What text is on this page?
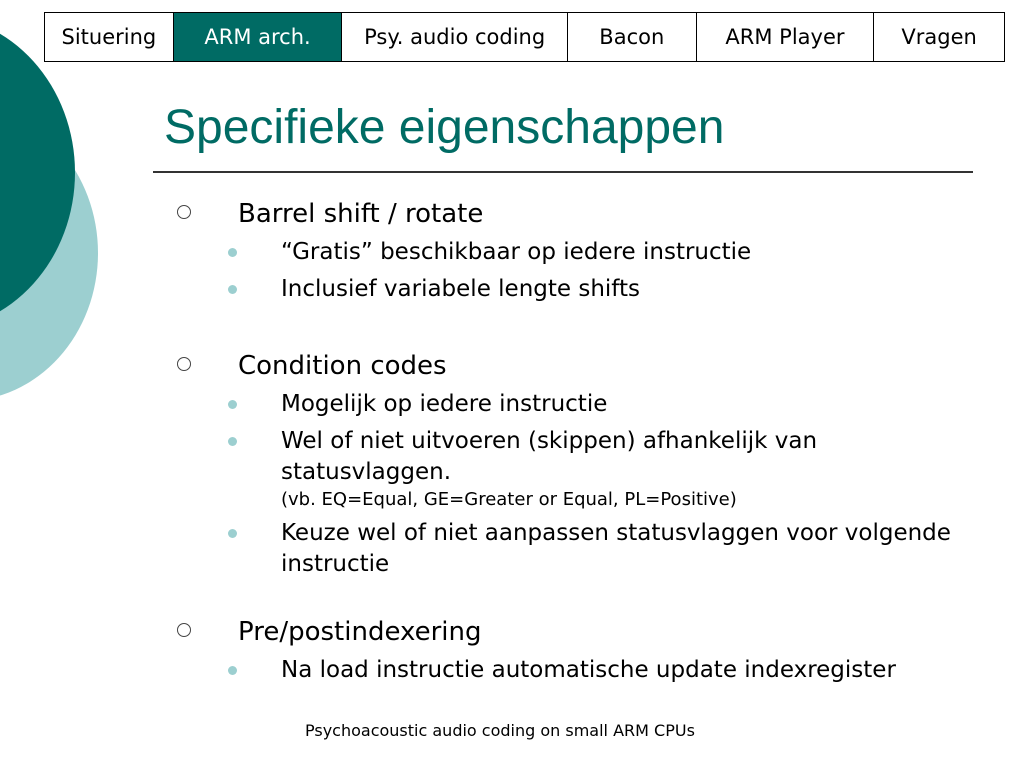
Situering	ARM arch.	Psy. audio coding	Bacon	ARM Player	Vragen
Specifieke eigenschappen
Barrel shift / rotate
“Gratis” beschikbaar op iedere instructie
Inclusief variabele lengte shifts
Condition codes
Mogelijk op iedere instructie
Wel of niet uitvoeren (skippen) afhankelijk van statusvlaggen.
(vb. EQ=Equal, GE=Greater or Equal, PL=Positive)
Keuze wel of niet aanpassen statusvlaggen voor volgende instructie
Pre/postindexering
Na load instructie automatische update indexregister
Psychoacoustic audio coding on small ARM CPUs
